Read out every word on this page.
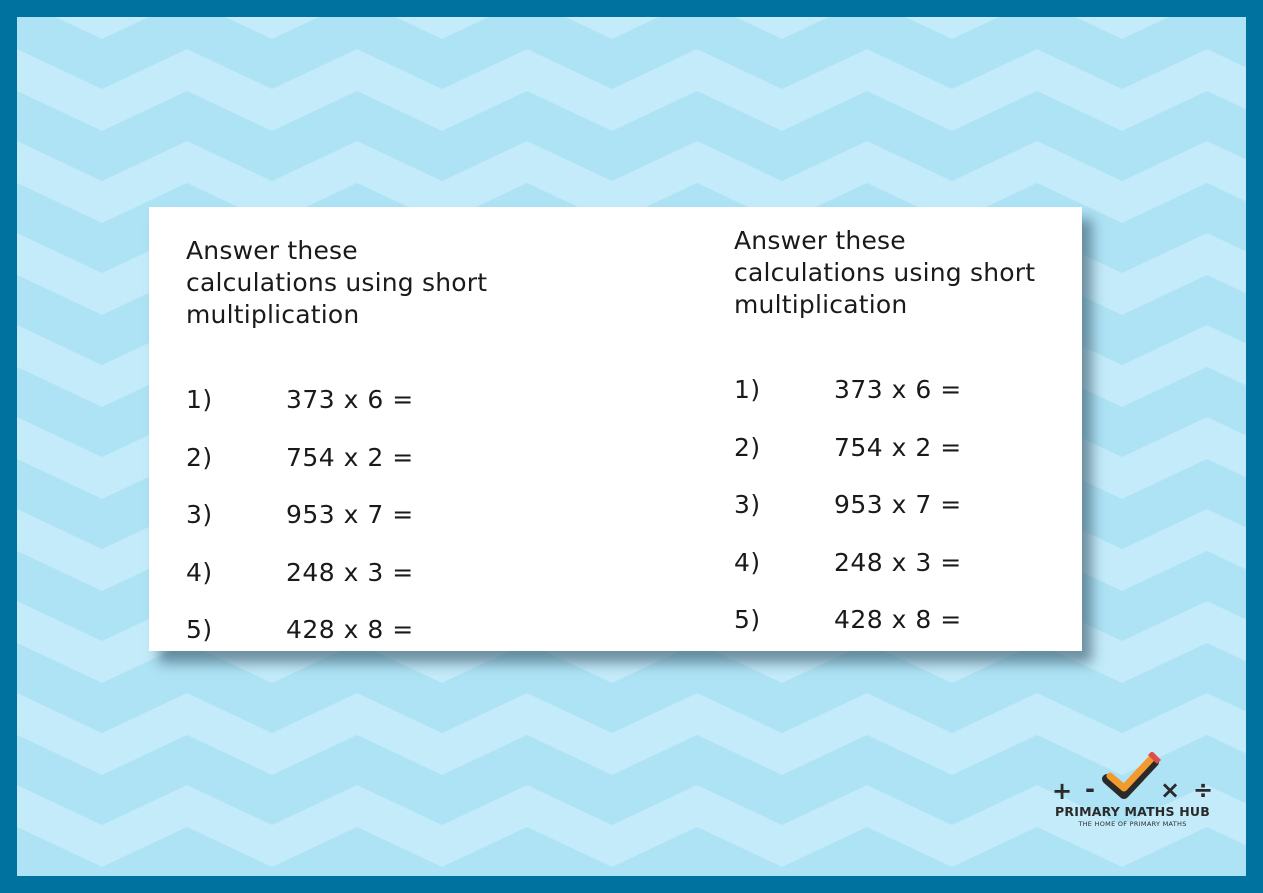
Answer these calculations using short multiplication

1)	373 x 6 =
2)	754 x 2 =
3)	953 x 7 =
4)	248 x 3 =
5)	428 x 8 =

Answer these calculations using short multiplication

1)	373 x 6 =
2)	754 x 2 =
3)	953 x 7 =
4)	248 x 3 =
5)	428 x 8 =
+ -	× ÷
PRIMARY MATHS HUB
THE HOME OF PRIMARY MATHS
